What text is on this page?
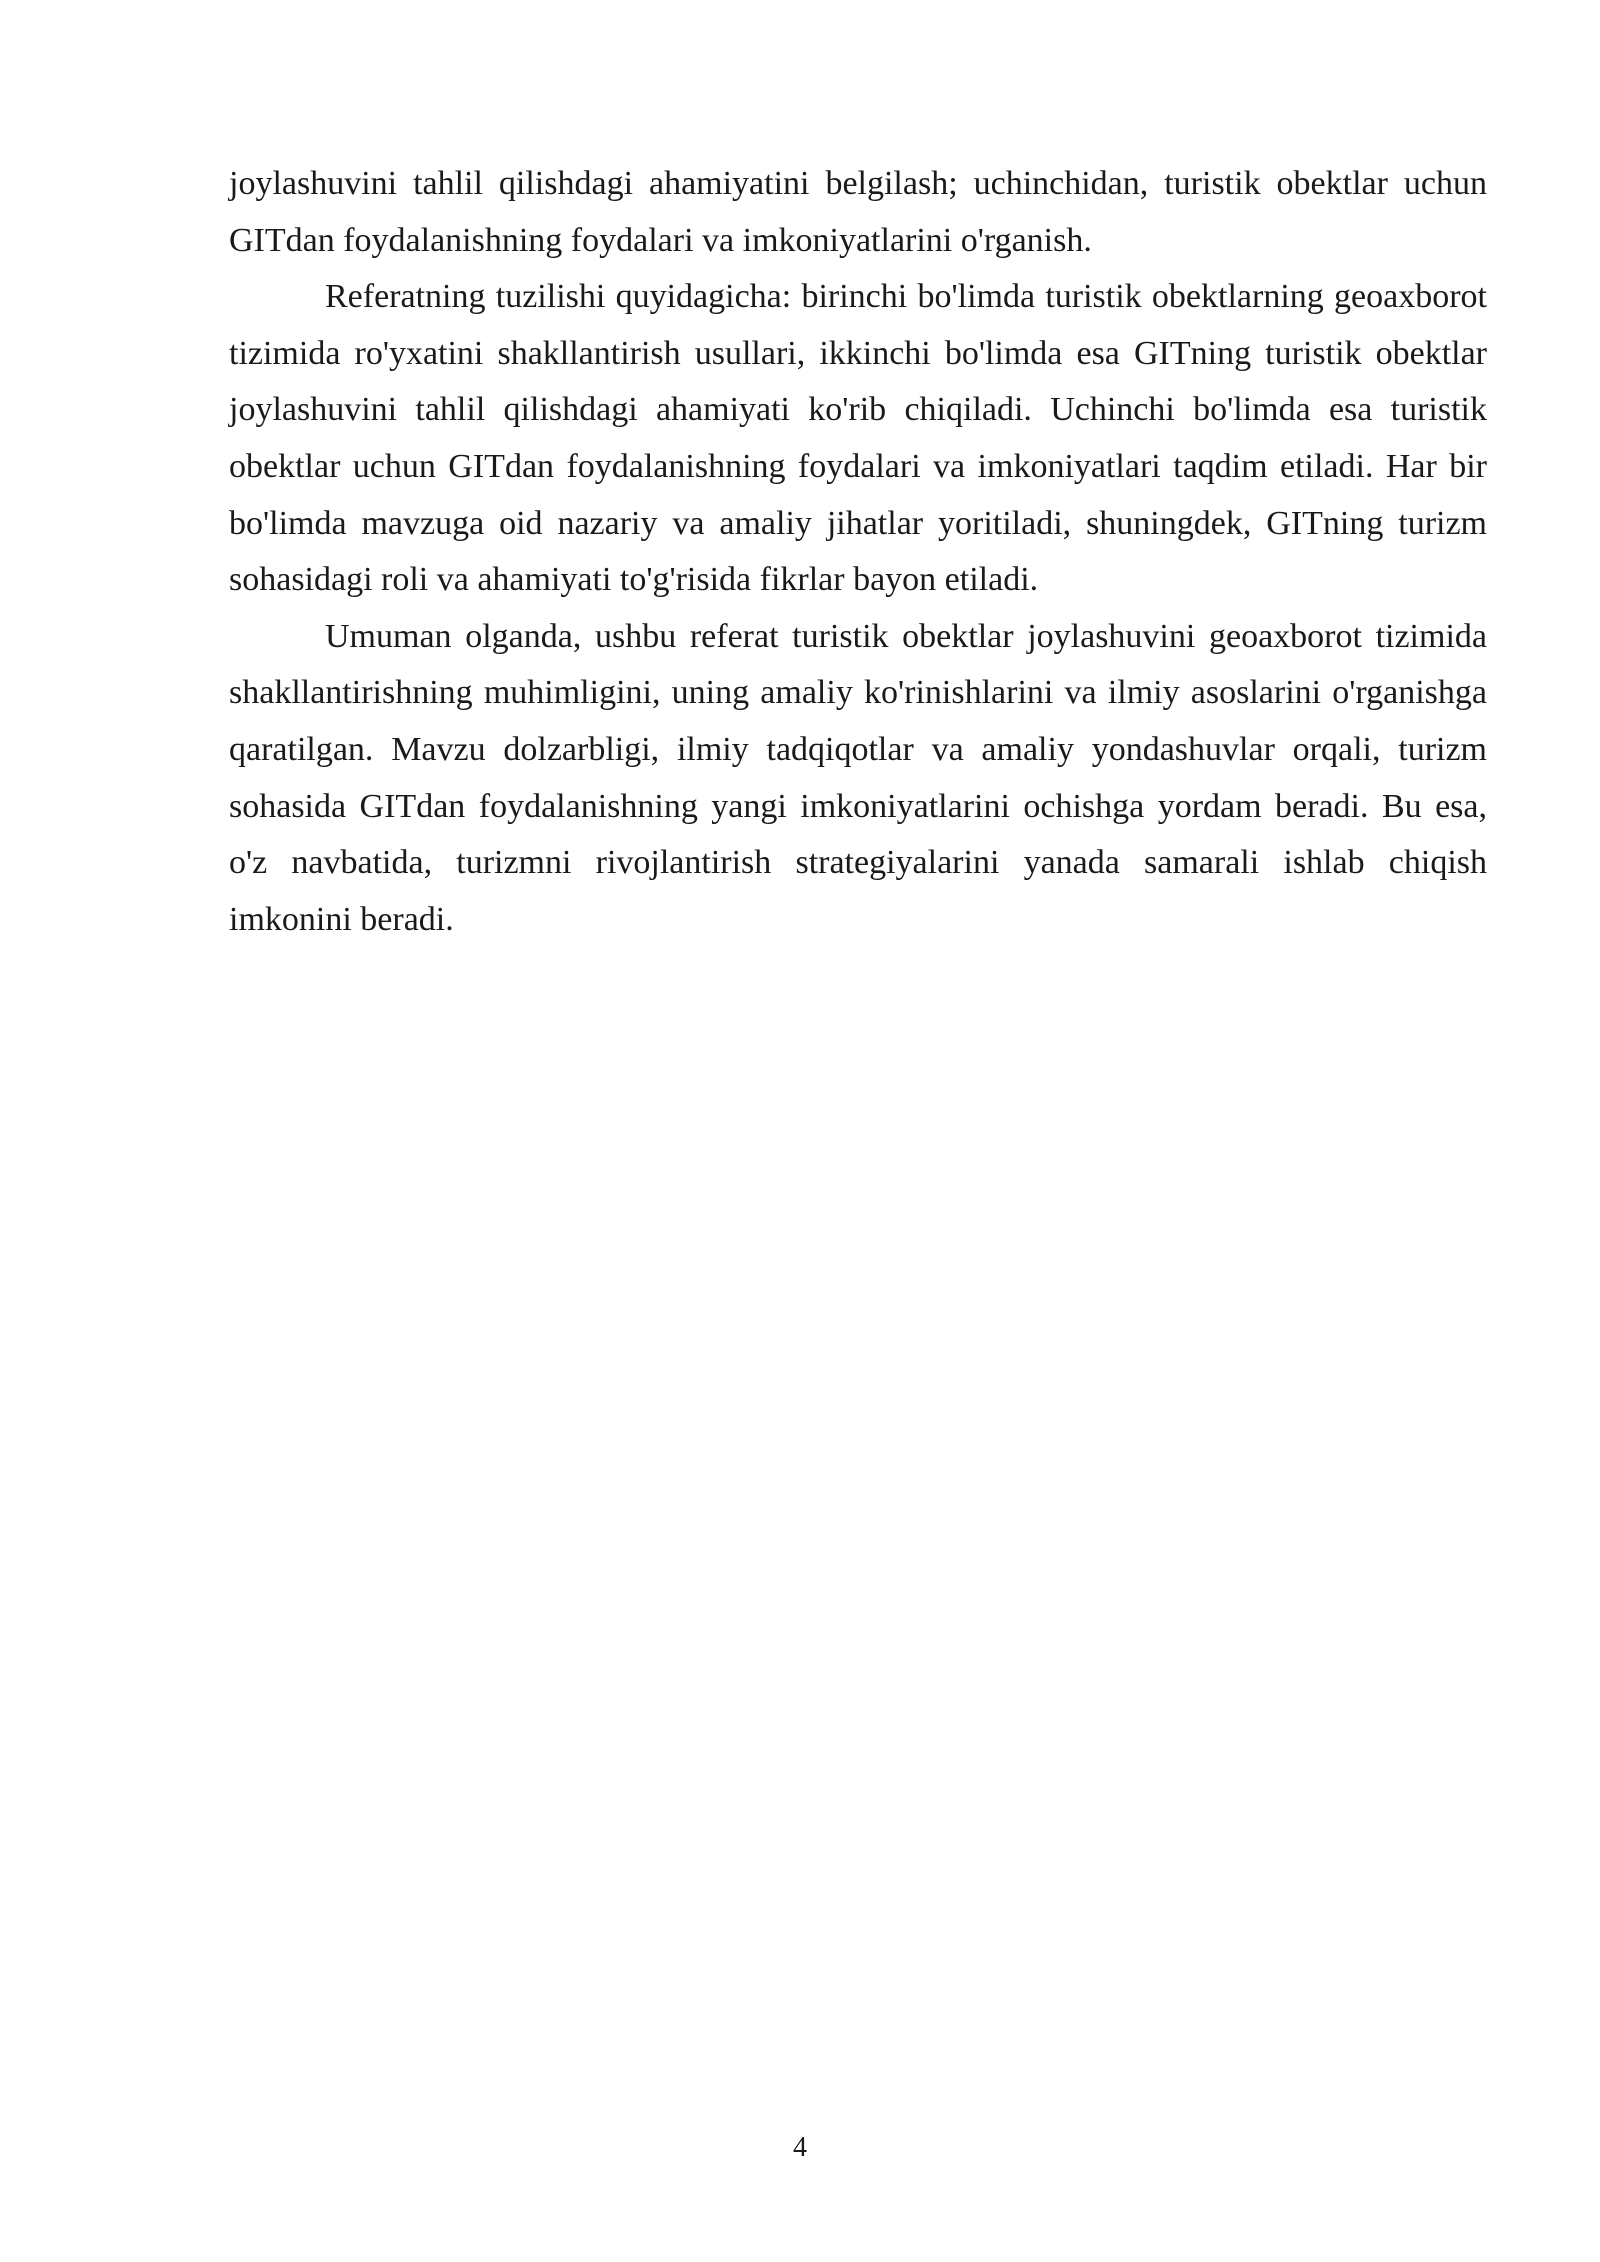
joylashuvini tahlil qilishdagi ahamiyatini belgilash; uchinchidan, turistik obektlar uchun GITdan foydalanishning foydalari va imkoniyatlarini o'rganish.

Referatning tuzilishi quyidagicha: birinchi bo'limda turistik obektlarning geoaxborot tizimida ro'yxatini shakllantirish usullari, ikkinchi bo'limda esa GITning turistik obektlar joylashuvini tahlil qilishdagi ahamiyati ko'rib chiqiladi. Uchinchi bo'limda esa turistik obektlar uchun GITdan foydalanishning foydalari va imkoniyatlari taqdim etiladi. Har bir bo'limda mavzuga oid nazariy va amaliy jihatlar yoritiladi, shuningdek, GITning turizm sohasidagi roli va ahamiyati to'g'risida fikrlar bayon etiladi.

Umuman olganda, ushbu referat turistik obektlar joylashuvini geoaxborot tizimida shakllantirishning muhimligini, uning amaliy ko'rinishlarini va ilmiy asoslarini o'rganishga qaratilgan. Mavzu dolzarbligi, ilmiy tadqiqotlar va amaliy yondashuvlar orqali, turizm sohasida GITdan foydalanishning yangi imkoniyatlarini ochishga yordam beradi. Bu esa, o'z navbatida, turizmni rivojlantirish strategiyalarini yanada samarali ishlab chiqish imkonini beradi.

4
